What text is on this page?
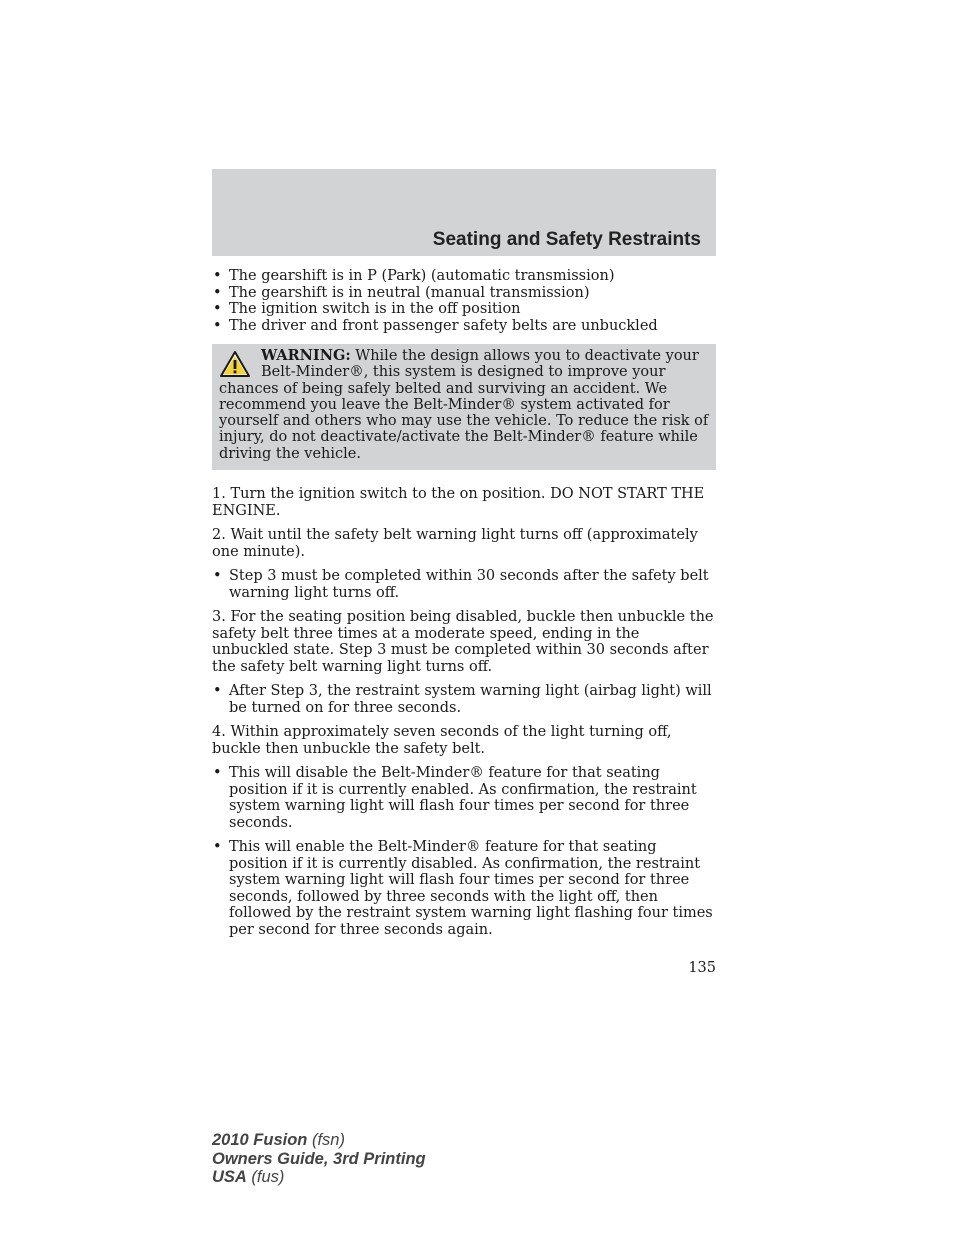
Seating and Safety Restraints
• The gearshift is in P (Park) (automatic transmission)
• The gearshift is in neutral (manual transmission)
• The ignition switch is in the off position
• The driver and front passenger safety belts are unbuckled
WARNING: While the design allows you to deactivate your Belt-Minder®, this system is designed to improve your chances of being safely belted and surviving an accident. We recommend you leave the Belt-Minder® system activated for yourself and others who may use the vehicle. To reduce the risk of injury, do not deactivate/activate the Belt-Minder® feature while driving the vehicle.

1. Turn the ignition switch to the on position. DO NOT START THE ENGINE.

2. Wait until the safety belt warning light turns off (approximately one minute).

• Step 3 must be completed within 30 seconds after the safety belt warning light turns off.

3. For the seating position being disabled, buckle then unbuckle the safety belt three times at a moderate speed, ending in the unbuckled state. Step 3 must be completed within 30 seconds after the safety belt warning light turns off.

• After Step 3, the restraint system warning light (airbag light) will be turned on for three seconds.

4. Within approximately seven seconds of the light turning off, buckle then unbuckle the safety belt.

• This will disable the Belt-Minder® feature for that seating position if it is currently enabled. As confirmation, the restraint system warning light will flash four times per second for three seconds.
• This will enable the Belt-Minder® feature for that seating position if it is currently disabled. As confirmation, the restraint system warning light will flash four times per second for three seconds, followed by three seconds with the light off, then followed by the restraint system warning light flashing four times per second for three seconds again.
135
2010 Fusion (fsn)
Owners Guide, 3rd Printing
USA (fus)
